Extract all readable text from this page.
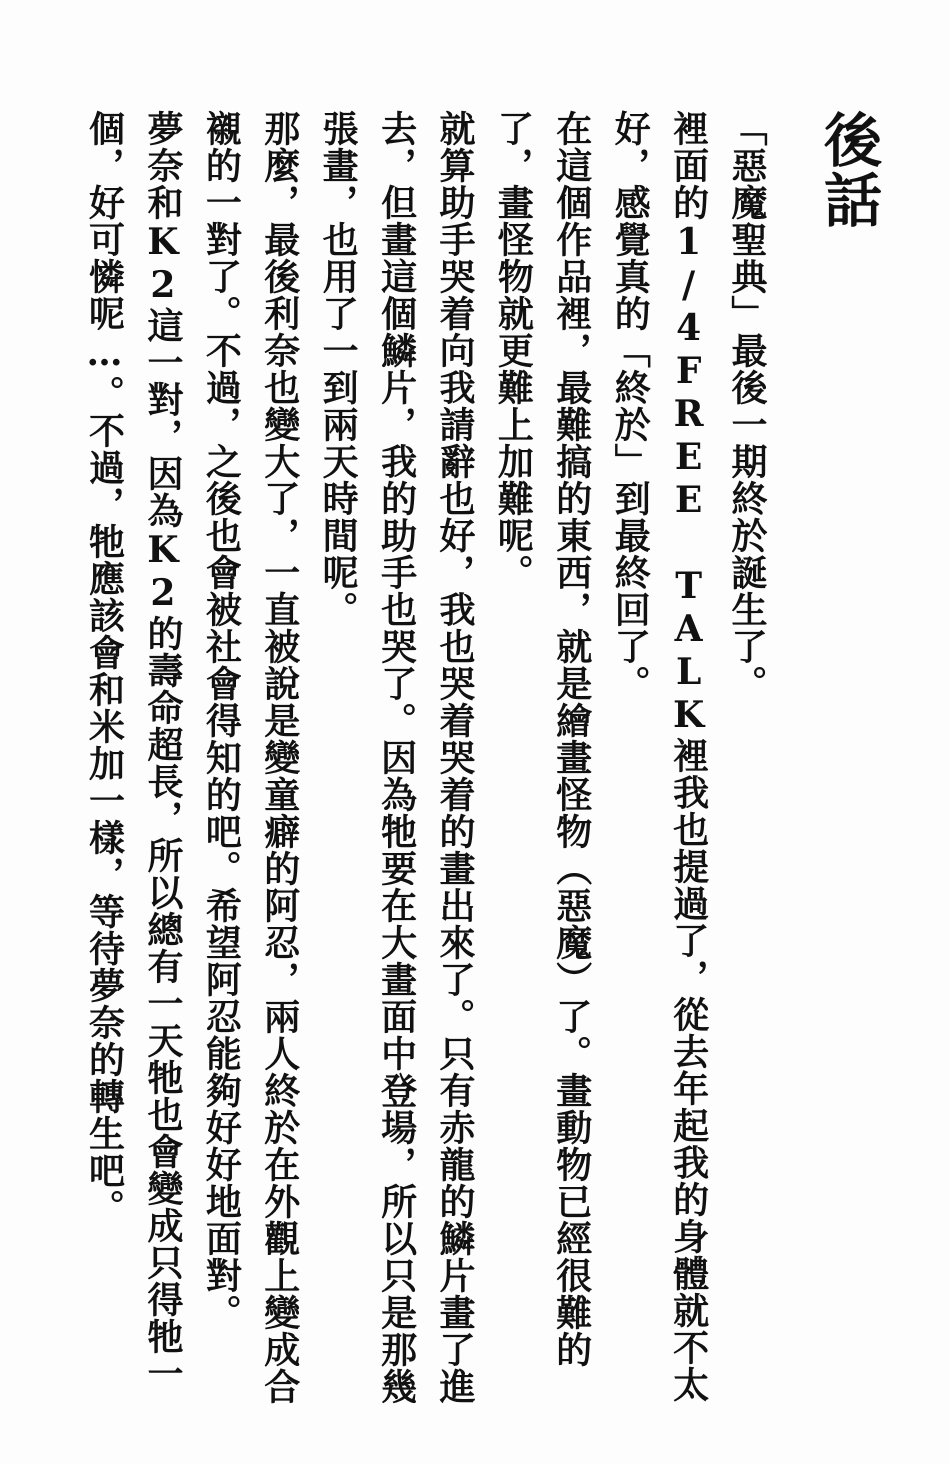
後話

「惡魔聖典」最後一期終於誕生了。

裡面的1/4FREE TALK裡我也提過了，從去年起我的身體就不太好，感覺真的「終於」到最終回了。

在這個作品裡，最難搞的東西，就是繪畫怪物（惡魔）了。畫動物已經很難的了，畫怪物就更難上加難呢。

就算助手哭着向我請辭也好，我也哭着哭着的畫出來了。只有赤龍的鱗片畫了進去，但畫這個鱗片，我的助手也哭了。因為牠要在大畫面中登場，所以只是那幾張畫，也用了一到兩天時間呢。

那麼，最後利奈也變大了，一直被說是變童癖的阿忍，兩人終於在外觀上變成合襯的一對了。不過，之後也會被社會得知的吧。希望阿忍能夠好好地面對。

夢奈和K2這一對，因為K2的壽命超長，所以總有一天牠也會變成只得牠一個，好可憐呢…。不過，牠應該會和米加一樣，等待夢奈的轉生吧。
